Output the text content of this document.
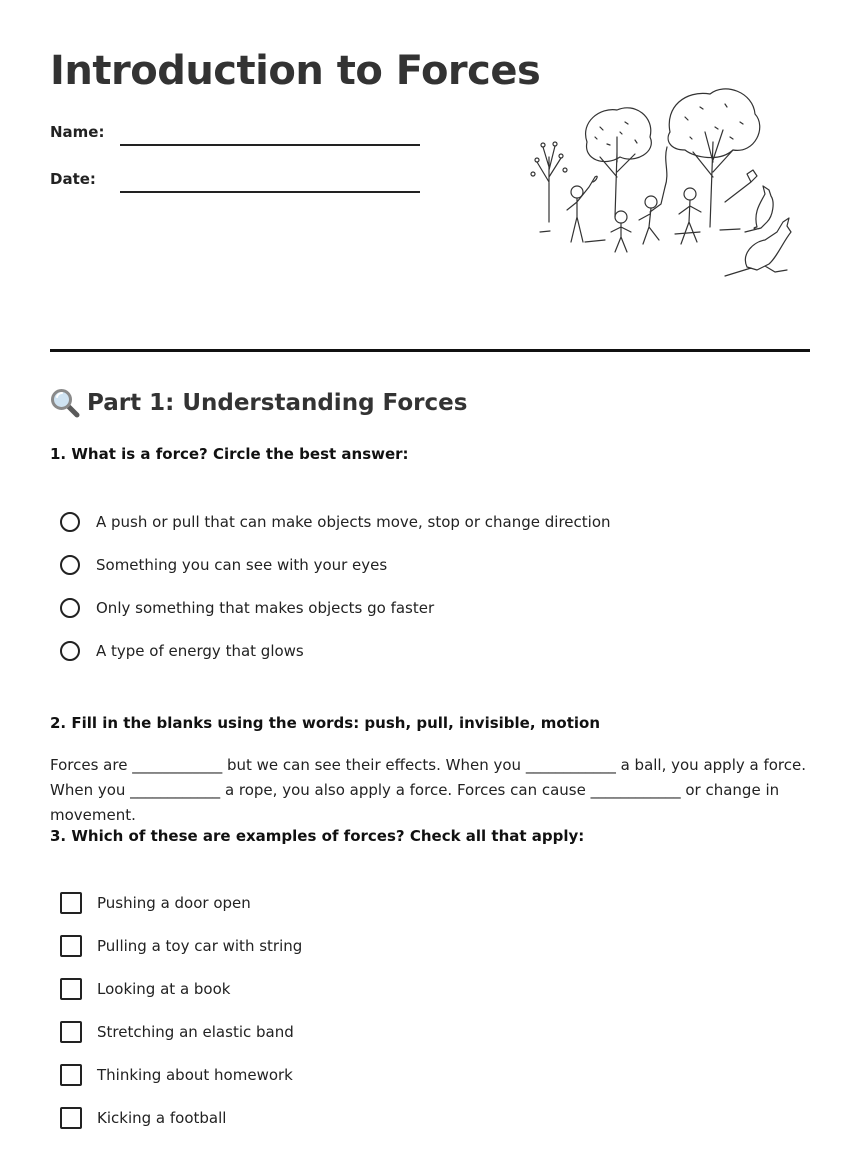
Introduction to Forces
Name:
Date:
Part 1: Understanding Forces

1. What is a force? Circle the best answer:

A push or pull that can make objects move, stop or change direction
Something you can see with your eyes
Only something that makes objects go faster
A type of energy that glows

2. Fill in the blanks using the words: push, pull, invisible, motion

Forces are ____________ but we can see their effects. When you ____________ a ball, you apply a force. When you ____________ a rope, you also apply a force. Forces can cause ____________ or change in movement.

3. Which of these are examples of forces? Check all that apply:

Pushing a door open
Pulling a toy car with string
Looking at a book
Stretching an elastic band
Thinking about homework
Kicking a football
